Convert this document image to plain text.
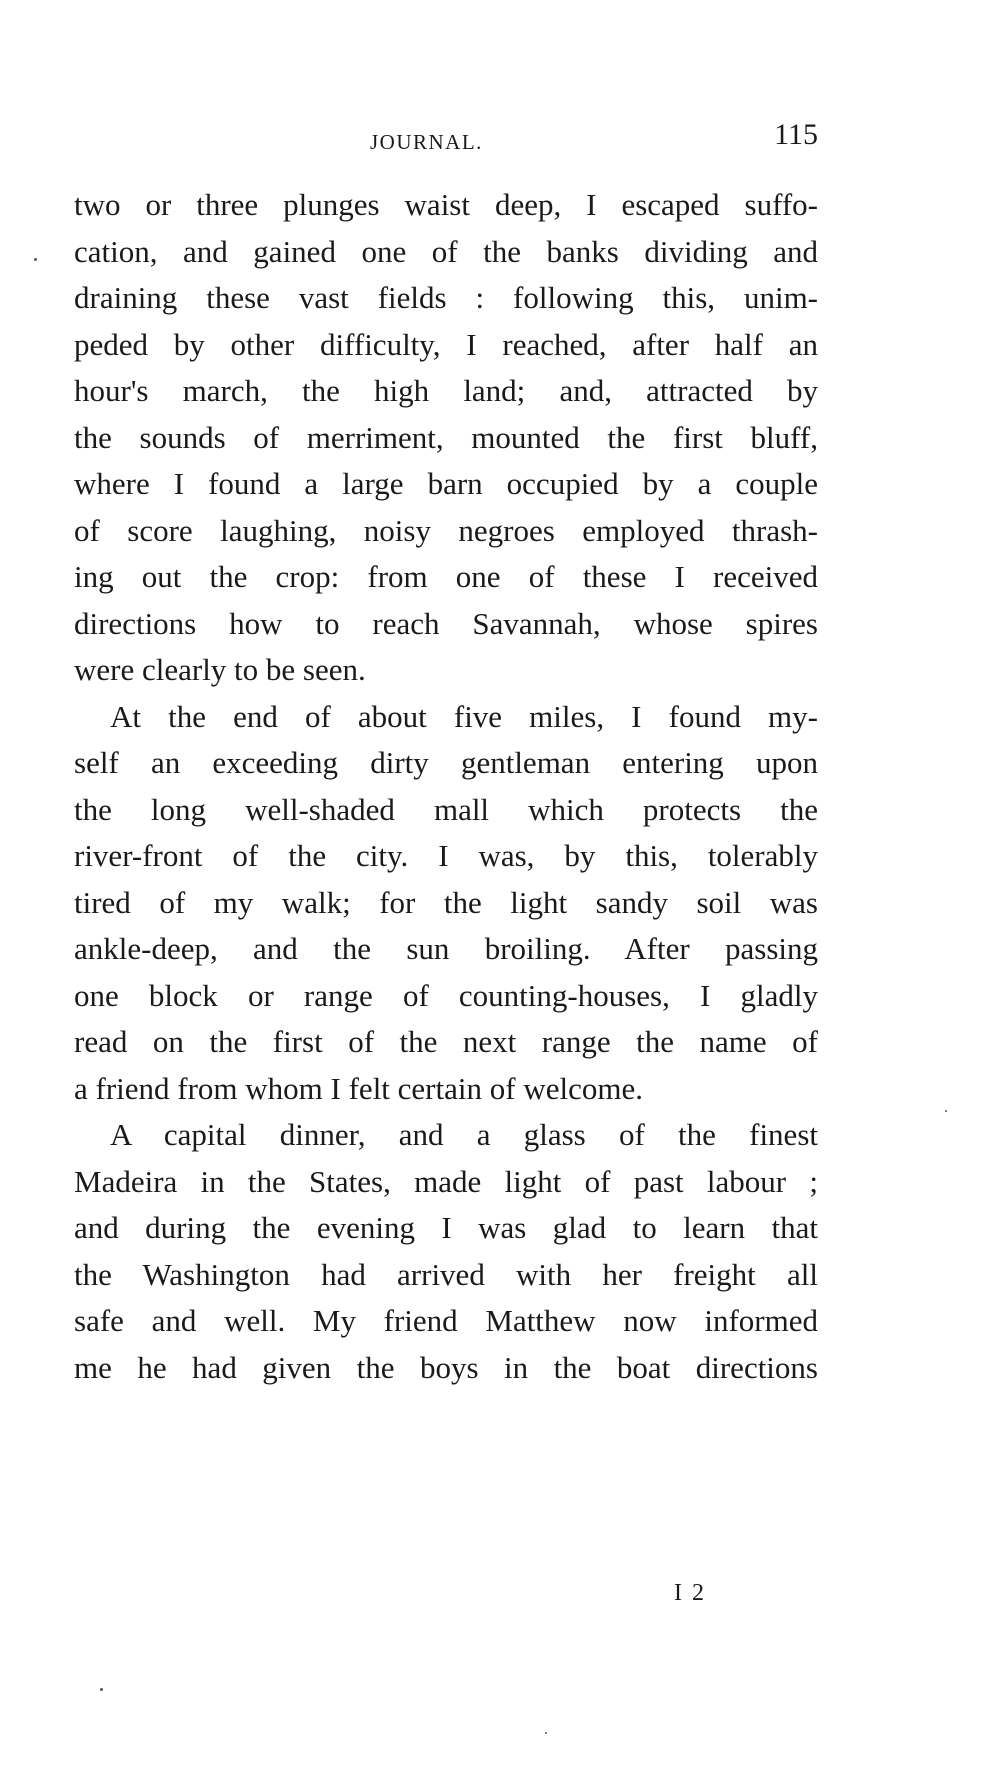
JOURNAL.	115
two or three plunges waist deep, I escaped suffo-
cation, and gained one of the banks dividing and
draining these vast fields : following this, unim-
peded by other difficulty, I reached, after half an
hour's march, the high land; and, attracted by
the sounds of merriment, mounted the first bluff,
where I found a large barn occupied by a couple
of score laughing, noisy negroes employed thrash-
ing out the crop: from one of these I received
directions how to reach Savannah, whose spires
were clearly to be seen.
At the end of about five miles, I found my-
self an exceeding dirty gentleman entering upon
the long well-shaded mall which protects the
river-front of the city. I was, by this, tolerably
tired of my walk; for the light sandy soil was
ankle-deep, and the sun broiling. After passing
one block or range of counting-houses, I gladly
read on the first of the next range the name of
a friend from whom I felt certain of welcome.
A capital dinner, and a glass of the finest
Madeira in the States, made light of past labour ;
and during the evening I was glad to learn that
the Washington had arrived with her freight all
safe and well. My friend Matthew now informed
me he had given the boys in the boat directions
I 2
